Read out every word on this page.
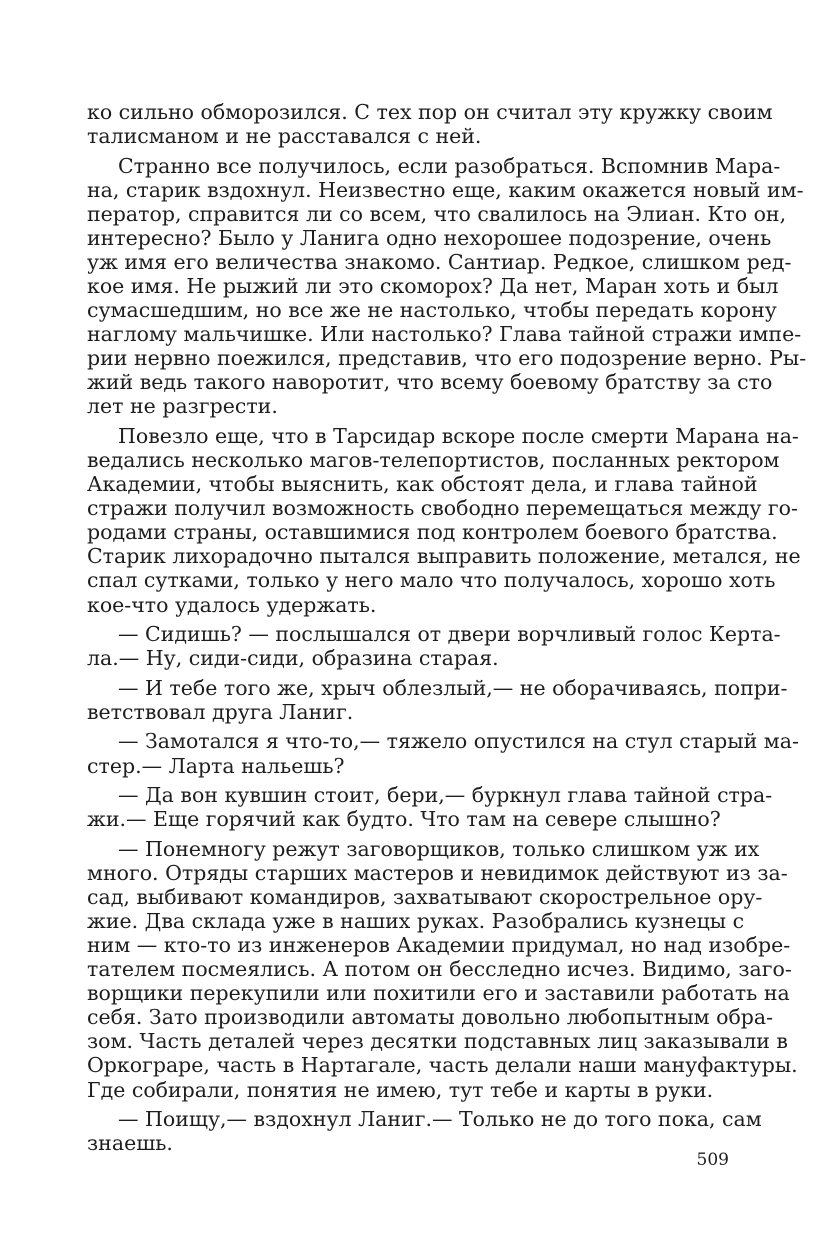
ко сильно обморозился. С тех пор он считал эту кружку своим
талисманом и не расставался с ней.
Странно все получилось, если разобраться. Вспомнив Мара-
на, старик вздохнул. Неизвестно еще, каким окажется новый им-
ператор, справится ли со всем, что свалилось на Элиан. Кто он,
интересно? Было у Ланига одно нехорошее подозрение, очень
уж имя его величества знакомо. Сантиар. Редкое, слишком ред-
кое имя. Не рыжий ли это скоморох? Да нет, Маран хоть и был
сумасшедшим, но все же не настолько, чтобы передать корону
наглому мальчишке. Или настолько? Глава тайной стражи импе-
рии нервно поежился, представив, что его подозрение верно. Ры-
жий ведь такого наворотит, что всему боевому братству за сто
лет не разгрести.
Повезло еще, что в Тарсидар вскоре после смерти Марана на-
ведались несколько магов-телепортистов, посланных ректором
Академии, чтобы выяснить, как обстоят дела, и глава тайной
стражи получил возможность свободно перемещаться между го-
родами страны, оставшимися под контролем боевого братства.
Старик лихорадочно пытался выправить положение, метался, не
спал сутками, только у него мало что получалось, хорошо хоть
кое-что удалось удержать.
— Сидишь? — послышался от двери ворчливый голос Керта-
ла.— Ну, сиди-сиди, образина старая.
— И тебе того же, хрыч облезлый,— не оборачиваясь, попри-
ветствовал друга Ланиг.
— Замотался я что-то,— тяжело опустился на стул старый ма-
стер.— Ларта нальешь?
— Да вон кувшин стоит, бери,— буркнул глава тайной стра-
жи.— Еще горячий как будто. Что там на севере слышно?
— Понемногу режут заговорщиков, только слишком уж их
много. Отряды старших мастеров и невидимок действуют из за-
сад, выбивают командиров, захватывают скорострельное ору-
жие. Два склада уже в наших руках. Разобрались кузнецы с
ним — кто-то из инженеров Академии придумал, но над изобре-
тателем посмеялись. А потом он бесследно исчез. Видимо, заго-
ворщики перекупили или похитили его и заставили работать на
себя. Зато производили автоматы довольно любопытным обра-
зом. Часть деталей через десятки подставных лиц заказывали в
Оркограре, часть в Нартагале, часть делали наши мануфактуры.
Где собирали, понятия не имею, тут тебе и карты в руки.
— Поищу,— вздохнул Ланиг.— Только не до того пока, сам
знаешь.
509
